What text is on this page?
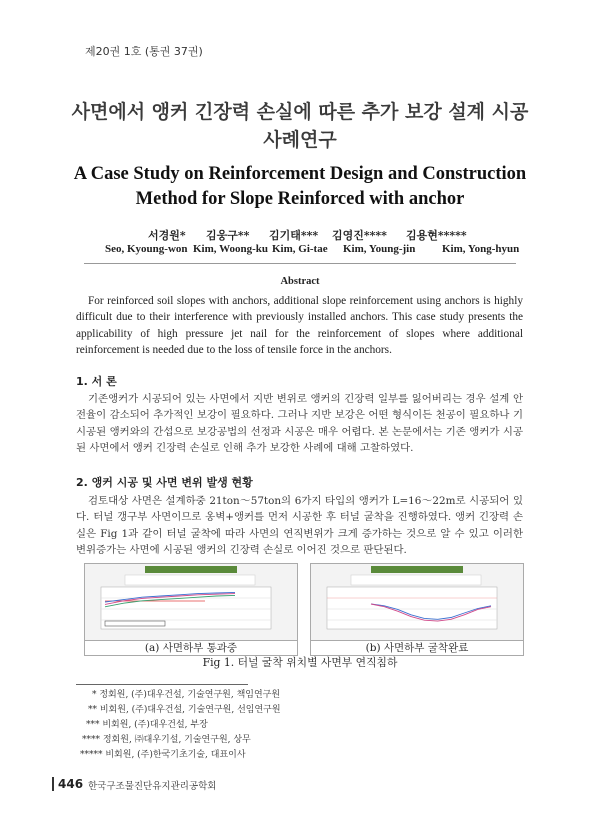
제20권 1호 (통권 37권)
사면에서 앵커 긴장력 손실에 따른 추가 보강 설계 시공
사례연구
A Case Study on Reinforcement Design and Construction
Method for Slope Reinforced with anchor
서경원* 김웅구** 김기태*** 김영진**** 김용현*****
Seo, Kyoung-won Kim, Woong-ku Kim, Gi-tae Kim, Young-jin Kim, Yong-hyun
Abstract
For reinforced soil slopes with anchors, additional slope reinforcement using anchors is highly difficult due to their interference with previously installed anchors. This case study presents the applicability of high pressure jet nail for the reinforcement of slopes where additional reinforcement is needed due to the loss of tensile force in the anchors.
1. 서 론
기존앵커가 시공되어 있는 사면에서 지반 변위로 앵커의 긴장력 일부를 잃어버리는 경우 설계 안전율이 감소되어 추가적인 보강이 필요하다. 그러나 지반 보강은 어떤 형식이든 천공이 필요하나 기 시공된 앵커와의 간섭으로 보강공법의 선정과 시공은 매우 어렵다. 본 논문에서는 기존 앵커가 시공된 사면에서 앵커 긴장력 손실로 인해 추가 보강한 사례에 대해 고찰하였다.
2. 앵커 시공 및 사면 변위 발생 현황
검토대상 사면은 설계하중 21ton～57ton의 6가지 타입의 앵커가 L=16～22m로 시공되어 있다. 터널 갱구부 사면이므로 옹벽+앵커를 먼저 시공한 후 터널 굴착을 진행하였다. 앵커 긴장력 손실은 Fig 1과 같이 터널 굴착에 따라 사면의 연직변위가 크게 증가하는 것으로 알 수 있고 이러한 변위증가는 사면에 시공된 앵커의 긴장력 손실로 이어진 것으로 판단된다.
(a) 사면하부 통과중	(b) 사면하부 굴착완료
Fig 1. 터널 굴착 위치별 사면부 연직침하
* 정회원, (주)대우건설, 기술연구원, 책임연구원
** 비회원, (주)대우건설, 기술연구원, 선임연구원
*** 비회원, (주)대우건설, 부장
**** 정회원, ㈜대우기설, 기술연구원, 상무
***** 비회원, (주)한국기초기술, 대표이사
446 한국구조물진단유지관리공학회
